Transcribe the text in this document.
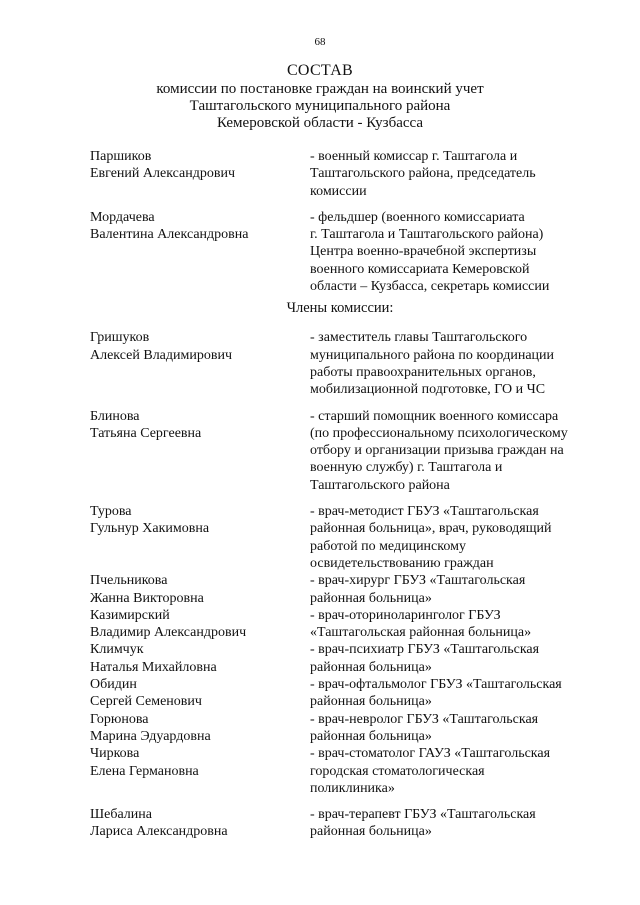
68
СОСТАВ
комиссии по постановке граждан на воинский учет
Таштагольского муниципального района
Кемеровской области - Кузбасса
Паршиков
Евгений Александрович
- военный комиссар г. Таштагола и
Таштагольского района, председатель
комиссии
Мордачева
Валентина Александровна
- фельдшер (военного комиссариата
г. Таштагола и Таштагольского района)
Центра военно-врачебной экспертизы
военного комиссариата Кемеровской
области – Кузбасса, секретарь комиссии
Члены комиссии:
Гришуков
Алексей Владимирович
- заместитель главы Таштагольского
муниципального района по координации
работы правоохранительных органов,
мобилизационной подготовке, ГО и ЧС
Блинова
Татьяна Сергеевна
- старший помощник военного комиссара
(по профессиональному психологическому
отбору и организации призыва граждан на
военную службу) г. Таштагола и
Таштагольского района
Турова
Гульнур Хакимовна
- врач-методист ГБУЗ «Таштагольская
районная больница», врач, руководящий
работой по медицинскому
освидетельствованию граждан
Пчельникова
Жанна Викторовна
- врач-хирург ГБУЗ «Таштагольская
районная больница»
Казимирский
Владимир Александрович
- врач-оториноларинголог ГБУЗ
«Таштагольская районная больница»
Климчук
Наталья Михайловна
- врач-психиатр ГБУЗ «Таштагольская
районная больница»
Обидин
Сергей Семенович
- врач-офтальмолог ГБУЗ «Таштагольская
районная больница»
Горюнова
Марина Эдуардовна
- врач-невролог ГБУЗ «Таштагольская
районная больница»
Чиркова
Елена Германовна
- врач-стоматолог ГАУЗ «Таштагольская
городская стоматологическая
поликлиника»
Шебалина
Лариса Александровна
- врач-терапевт ГБУЗ «Таштагольская
районная больница»
